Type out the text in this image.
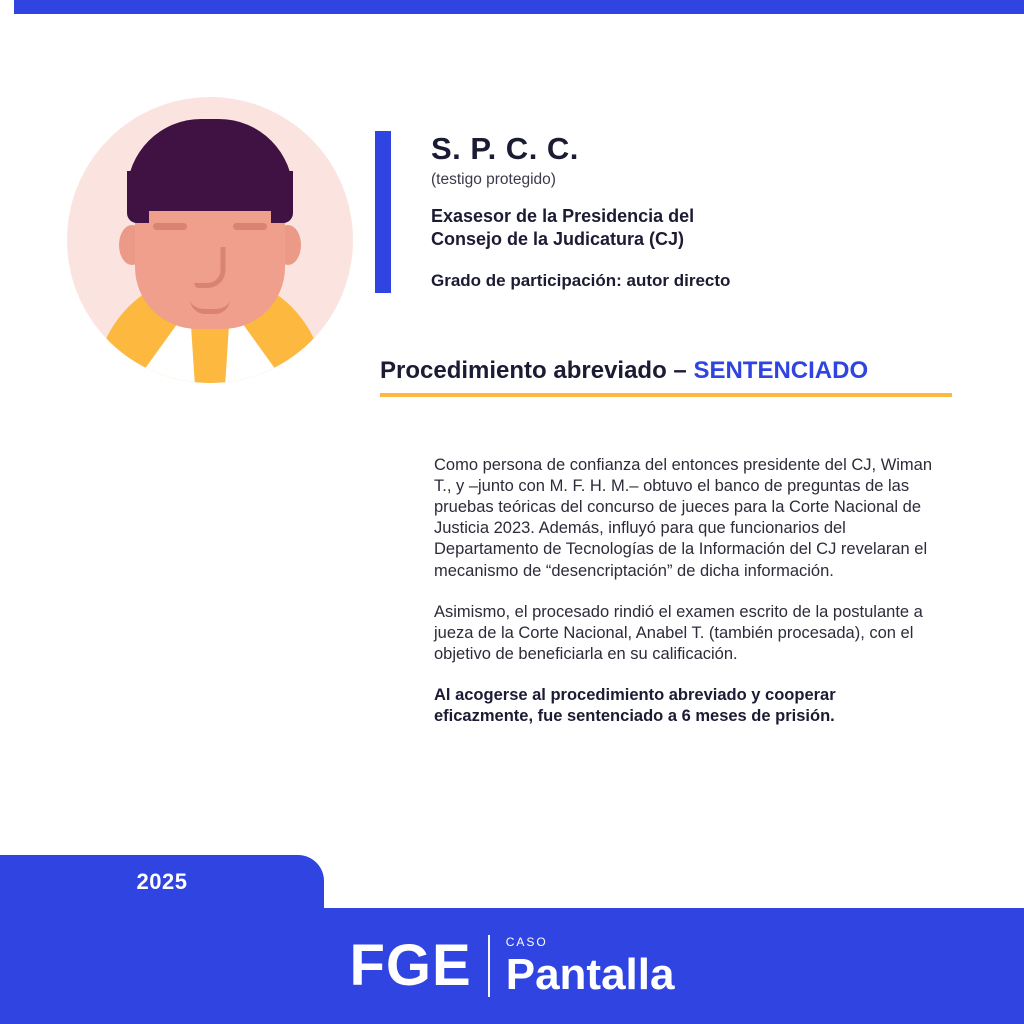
S. P. C. C.
(testigo protegido)
Exasesor de la Presidencia del
Consejo de la Judicatura (CJ)
Grado de participación: autor directo
Procedimiento abreviado – SENTENCIADO

Como persona de confianza del entonces presidente del CJ, Wiman T., y –junto con M. F. H. M.– obtuvo el banco de preguntas de las pruebas teóricas del concurso de jueces para la Corte Nacional de Justicia 2023. Además, influyó para que funcionarios del Departamento de Tecnologías de la Información del CJ revelaran el mecanismo de “desencriptación” de dicha información.

Asimismo, el procesado rindió el examen escrito de la postulante a jueza de la Corte Nacional, Anabel T. (también procesada), con el objetivo de beneficiarla en su calificación.

Al acogerse al procedimiento abreviado y cooperar eficazmente, fue sentenciado a 6 meses de prisión.

2025
FGE	CASO
Pantalla
